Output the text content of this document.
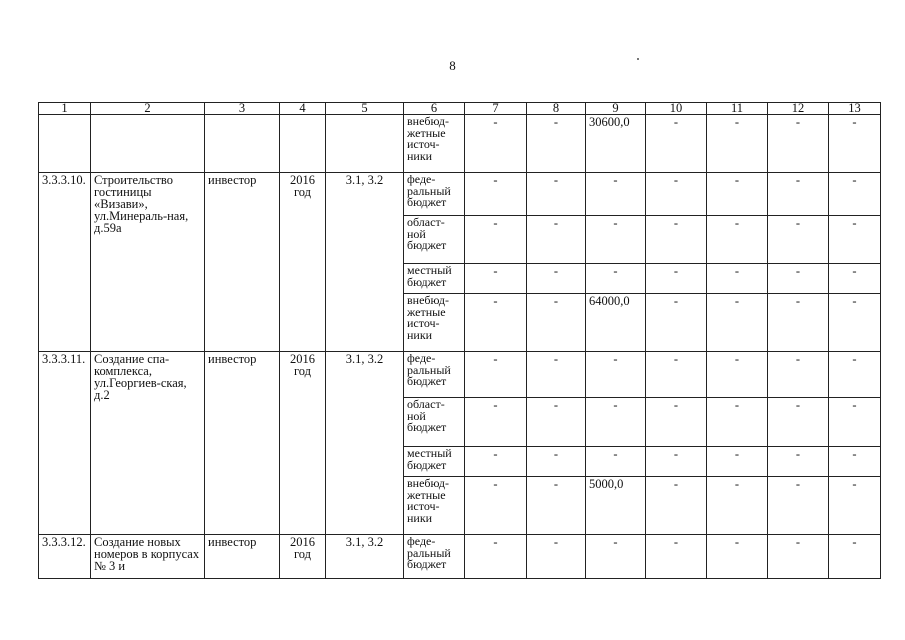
8
1	2	3	4	5	6	7	8	9	10	11	12	13
					внебюд-жетные источ-ники	-	-	30600,0	-	-	-	-
3.3.3.10.	Строительство гостиницы «Визави», ул.Минераль-ная, д.59а	инвестор	2016 год	3.1, 3.2	феде-ральный бюджет	-	-	-	-	-	-	-
					област-ной бюджет	-	-	-	-	-	-	-
					местный бюджет	-	-	-	-	-	-	-
					внебюд-жетные источ-ники	-	-	64000,0	-	-	-	-
3.3.3.11.	Создание спа-комплекса, ул.Георгиев-ская, д.2	инвестор	2016 год	3.1, 3.2	феде-ральный бюджет	-	-	-	-	-	-	-
					област-ной бюджет	-	-	-	-	-	-	-
					местный бюджет	-	-	-	-	-	-	-
					внебюд-жетные источ-ники	-	-	5000,0	-	-	-	-
3.3.3.12.	Создание новых номеров в корпусах № 3 и	инвестор	2016 год	3.1, 3.2	феде-ральный бюджет	-	-	-	-	-	-	-
